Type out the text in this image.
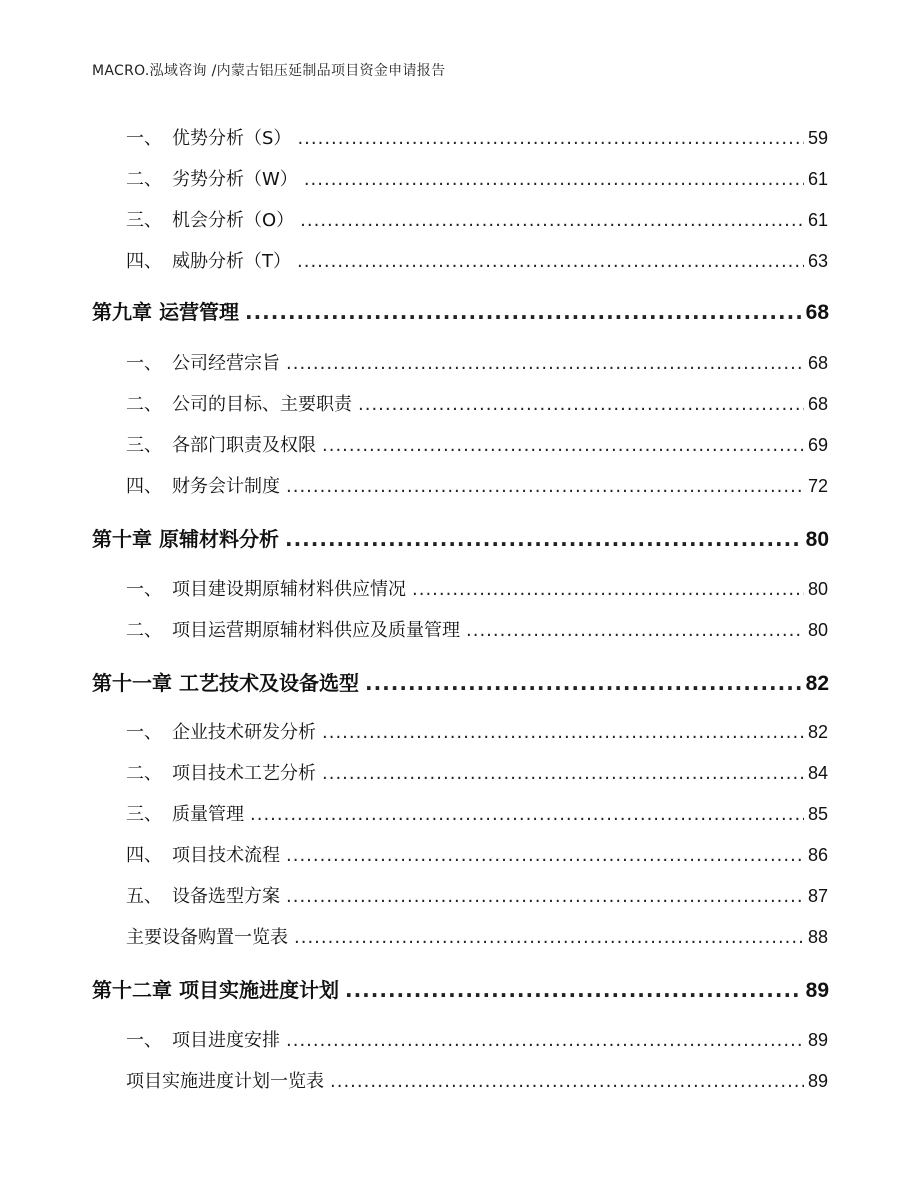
MACRO.泓域咨询 /内蒙古铝压延制品项目资金申请报告
一、 优势分析（S） .....	59
二、 劣势分析（W） .....	61
三、 机会分析（O） .....	61
四、 威胁分析（T） .....	63
第九章 运营管理 .....	68
一、 公司经营宗旨 .....	68
二、 公司的目标、主要职责 .....	68
三、 各部门职责及权限 .....	69
四、 财务会计制度 .....	72
第十章 原辅材料分析 .....	80
一、 项目建设期原辅材料供应情况 .....	80
二、 项目运营期原辅材料供应及质量管理 .....	80
第十一章 工艺技术及设备选型 .....	82
一、 企业技术研发分析 .....	82
二、 项目技术工艺分析 .....	84
三、 质量管理 .....	85
四、 项目技术流程 .....	86
五、 设备选型方案 .....	87
主要设备购置一览表 .....	88
第十二章 项目实施进度计划 .....	89
一、 项目进度安排 .....	89
项目实施进度计划一览表 .....	89
